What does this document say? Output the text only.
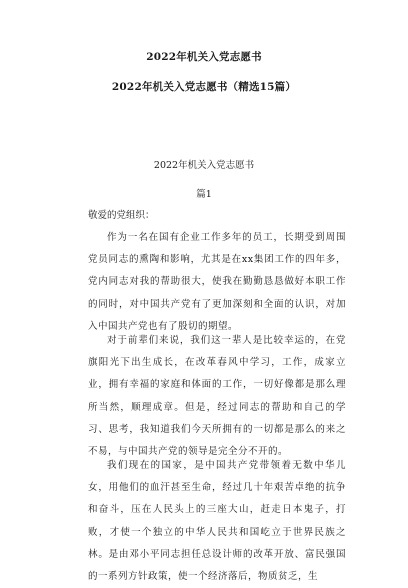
2022年机关入党志愿书
2022年机关入党志愿书（精选15篇）
2022年机关入党志愿书
篇1
敬爱的党组织：
作为一名在国有企业工作多年的员工，长期受到周围党员同志的熏陶和影响，尤其是在xx集团工作的四年多，党内同志对我的帮助很大，使我在勤勤恳恳做好本职工作的同时，对中国共产党有了更加深刻和全面的认识，对加入中国共产党也有了殷切的期望。
对于前辈们来说，我们这一辈人是比较幸运的，在党旗阳光下出生成长，在改革春风中学习，工作，成家立业，拥有幸福的家庭和体面的工作，一切好像都是那么理所当然，顺理成章。但是，经过同志的帮助和自己的学习、思考，我知道我们今天所拥有的一切都是那么的来之不易，与中国共产党的领导是完全分不开的。
我们现在的国家，是中国共产党带领着无数中华儿女，用他们的血汗甚至生命，经过几十年艰苦卓绝的抗争和奋斗，压在人民头上的三座大山，赶走日本鬼子，打败，才使一个独立的中华人民共和国屹立于世界民族之林。是由邓小平同志担任总设计师的改革开放、富民强国的一系列方针政策，使一个经济落后，物质贫乏，生
